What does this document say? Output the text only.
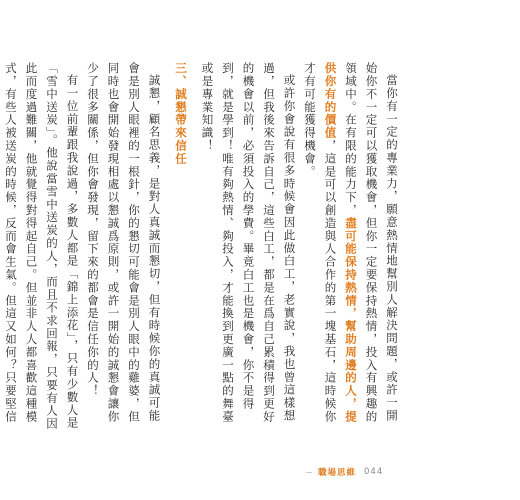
當你有一定的專業力，願意熱情地幫別人解決問題，或許一開始你不一定可以獲取機會，但你一定要保持熱情，投入有興趣的領域中。在有限的能力下，盡可能保持熱情，幫助周邊的人，提供你有的價值，這是可以創造與人合作的第一塊基石，這時候你才有可能獲得機會。

或許你會說有很多時候會因此做白工，老實說，我也曾這樣想過，但我後來告訴自己，這些白工，都是在爲自己累積得到更好的機會以前，必須投入的學費。畢竟白工也是機會，你不是得到，就是學到！唯有夠熱情、夠投入，才能換到更廣一點的舞臺或是專業知識！

三、誠懇帶來信任

誠懇，顧名思義，是對人真誠而懇切，但有時候你的真誠可能會是別人眼裡的一根針，你的懇切可能會是別人眼中的雞婆，但同時也會開始發現相處以懇誠爲原則，或許一開始的誠懇會讓你少了很多關係，但你會發現，留下來的都會是信任你的人！

有一位前輩跟我說過，多數人都是「錦上添花」，只有少數人是「雪中送炭」。他說當雪中送炭的人，而且不求回報，只要有人因此而度過難關，他就覺得對得起自己。但並非人人都喜歡這種模式，有些人被送炭的時候，反而會生氣。但這又如何？只要堅信

職場思維 044
